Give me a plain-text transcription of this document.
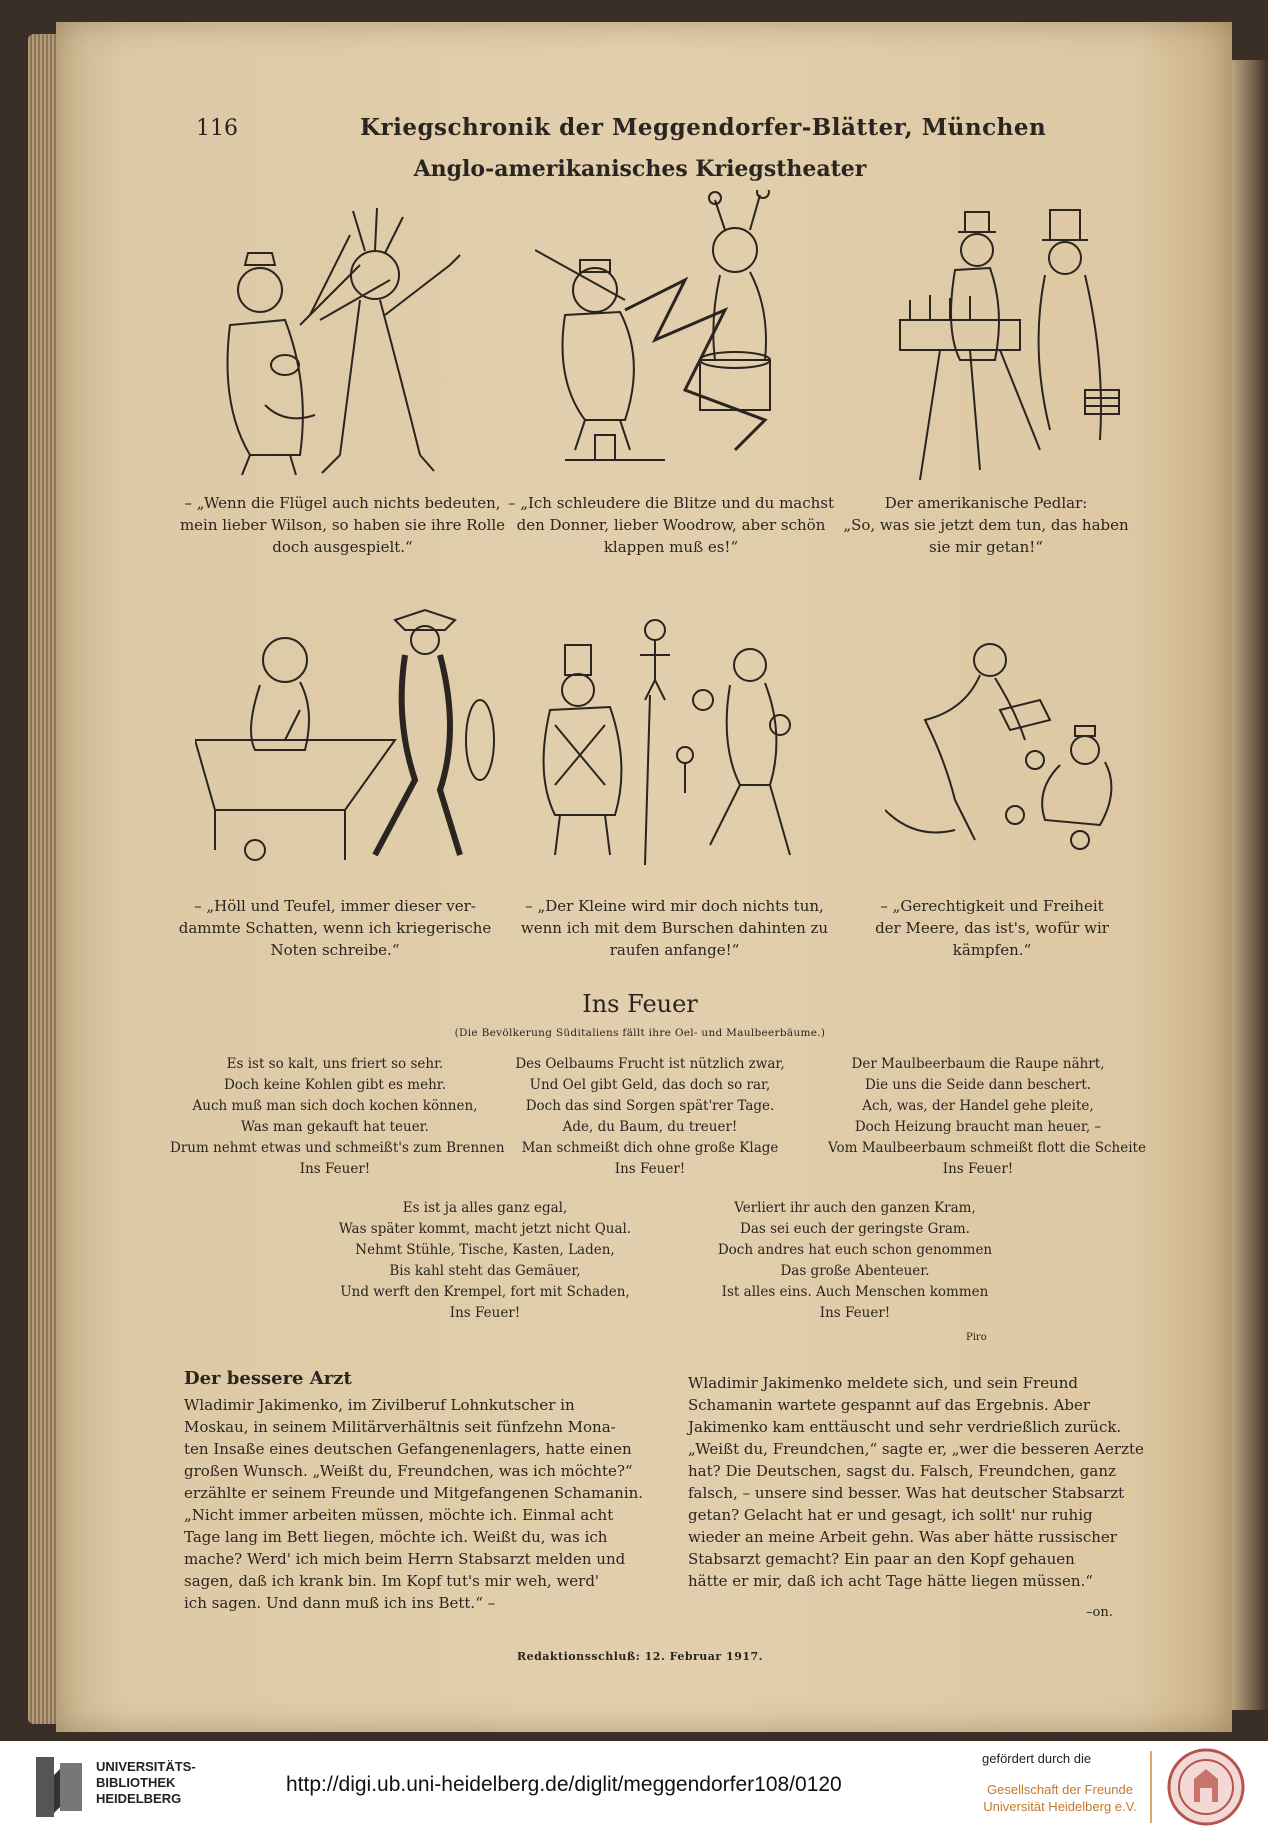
116	Kriegschronik der Meggendorfer-Blätter, München
Anglo-amerikanisches Kriegstheater
– „Wenn die Flügel auch nichts bedeuten,
mein lieber Wilson, so haben sie ihre Rolle
doch ausgespielt.“
– „Ich schleudere die Blitze und du machst
den Donner, lieber Woodrow, aber schön
klappen muß es!“
Der amerikanische Pedlar:
„So, was sie jetzt dem tun, das haben
sie mir getan!“
– „Höll und Teufel, immer dieser ver-
dammte Schatten, wenn ich kriegerische
Noten schreibe.“
– „Der Kleine wird mir doch nichts tun,
wenn ich mit dem Burschen dahinten zu
raufen anfange!“
– „Gerechtigkeit und Freiheit
der Meere, das ist's, wofür wir
kämpfen.“
Ins Feuer
(Die Bevölkerung Süditaliens fällt ihre Oel- und Maulbeerbäume.)
Es ist so kalt, uns friert so sehr.
Doch keine Kohlen gibt es mehr.
Auch muß man sich doch kochen können,
Was man gekauft hat teuer.
Drum nehmt etwas und schmeißt's zum Brennen
Ins Feuer!
Des Oelbaums Frucht ist nützlich zwar,
Und Oel gibt Geld, das doch so rar,
Doch das sind Sorgen spät'rer Tage.
Ade, du Baum, du treuer!
Man schmeißt dich ohne große Klage
Ins Feuer!
Der Maulbeerbaum die Raupe nährt,
Die uns die Seide dann beschert.
Ach, was, der Handel gehe pleite,
Doch Heizung braucht man heuer, –
Vom Maulbeerbaum schmeißt flott die Scheite
Ins Feuer!
Es ist ja alles ganz egal,
Was später kommt, macht jetzt nicht Qual.
Nehmt Stühle, Tische, Kasten, Laden,
Bis kahl steht das Gemäuer,
Und werft den Krempel, fort mit Schaden,
Ins Feuer!
Verliert ihr auch den ganzen Kram,
Das sei euch der geringste Gram.
Doch andres hat euch schon genommen
Das große Abenteuer.
Ist alles eins. Auch Menschen kommen
Ins Feuer!
Piro
Der bessere Arzt
Wladimir Jakimenko, im Zivilberuf Lohnkutscher in
Moskau, in seinem Militärverhältnis seit fünfzehn Mona-
ten Insaße eines deutschen Gefangenenlagers, hatte einen
großen Wunsch. „Weißt du, Freundchen, was ich möchte?“
erzählte er seinem Freunde und Mitgefangenen Schamanin.
„Nicht immer arbeiten müssen, möchte ich. Einmal acht
Tage lang im Bett liegen, möchte ich. Weißt du, was ich
mache? Werd' ich mich beim Herrn Stabsarzt melden und
sagen, daß ich krank bin. Im Kopf tut's mir weh, werd'
ich sagen. Und dann muß ich ins Bett.“ –
Wladimir Jakimenko meldete sich, und sein Freund
Schamanin wartete gespannt auf das Ergebnis. Aber
Jakimenko kam enttäuscht und sehr verdrießlich zurück.
„Weißt du, Freundchen,“ sagte er, „wer die besseren Aerzte
hat? Die Deutschen, sagst du. Falsch, Freundchen, ganz
falsch, – unsere sind besser. Was hat deutscher Stabsarzt
getan? Gelacht hat er und gesagt, ich sollt' nur ruhig
wieder an meine Arbeit gehn. Was aber hätte russischer
Stabsarzt gemacht? Ein paar an den Kopf gehauen
hätte er mir, daß ich acht Tage hätte liegen müssen.“
–on.
Redaktionsschluß: 12. Februar 1917.
UNIVERSITÄTS-
BIBLIOTHEK
HEIDELBERG
http://digi.ub.uni-heidelberg.de/diglit/meggendorfer108/0120
gefördert durch die
Gesellschaft der Freunde
Universität Heidelberg e.V.
